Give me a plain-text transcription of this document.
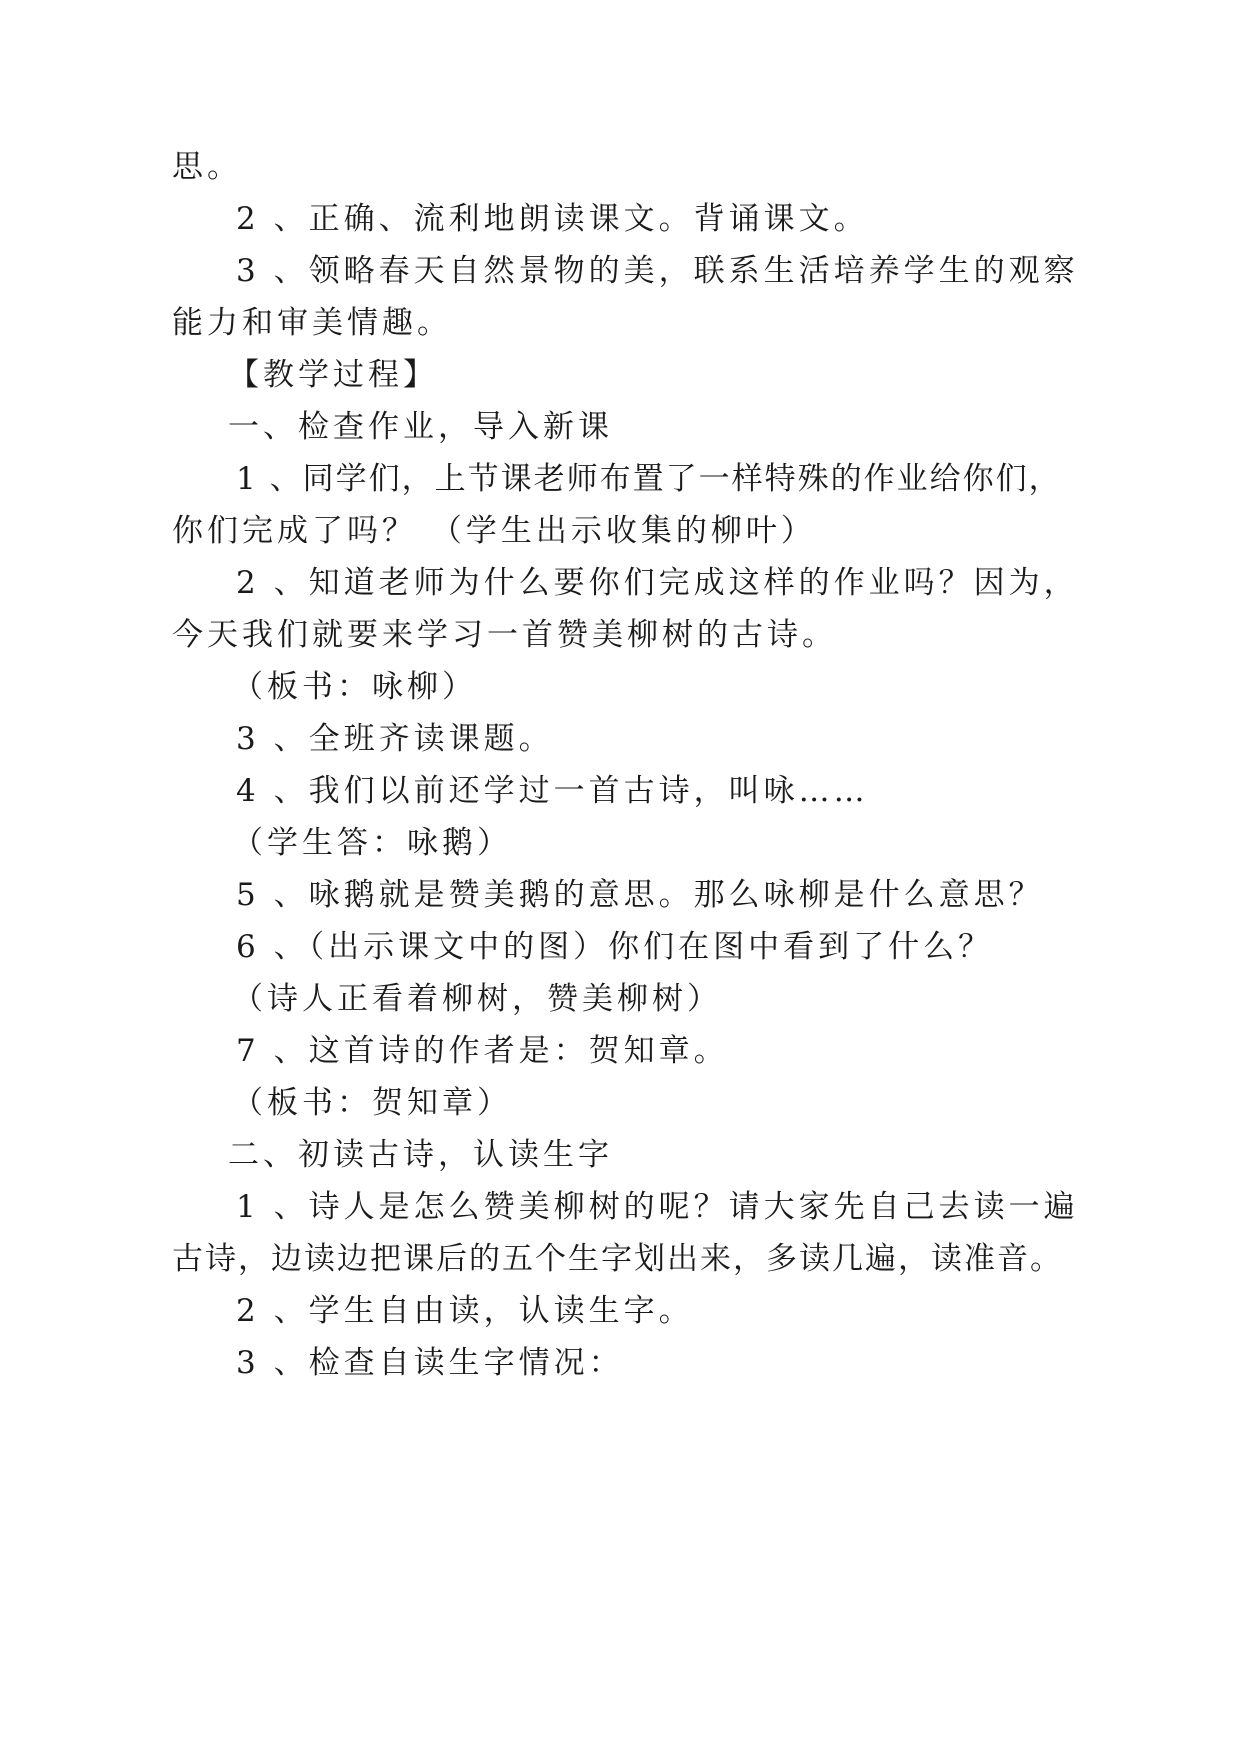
思。
2 、正确、流利地朗读课文。背诵课文。
3 、领略春天自然景物的美，联系生活培养学生的观察
能力和审美情趣。
【教学过程】
一、检查作业，导入新课
1 、同学们，上节课老师布置了一样特殊的作业给你们，
你们完成了吗？ （学生出示收集的柳叶）
2 、知道老师为什么要你们完成这样的作业吗？因为，
今天我们就要来学习一首赞美柳树的古诗。
（板书：咏柳）
3 、全班齐读课题。
4 、我们以前还学过一首古诗，叫咏……
（学生答：咏鹅）
5 、咏鹅就是赞美鹅的意思。那么咏柳是什么意思？
6 、（出示课文中的图）你们在图中看到了什么？
（诗人正看着柳树，赞美柳树）
7 、这首诗的作者是：贺知章。
（板书：贺知章）
二、初读古诗，认读生字
1 、诗人是怎么赞美柳树的呢？请大家先自己去读一遍
古诗，边读边把课后的五个生字划出来，多读几遍，读准音。
2 、学生自由读，认读生字。
3 、检查自读生字情况：
